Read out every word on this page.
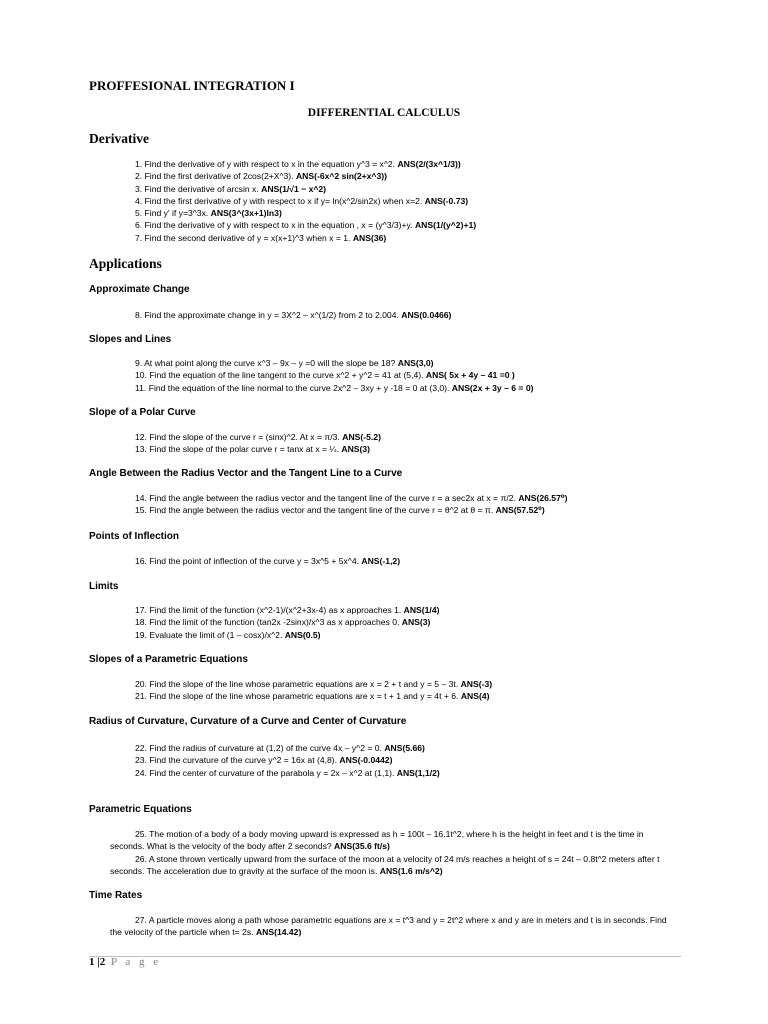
PROFFESIONAL INTEGRATION I
DIFFERENTIAL CALCULUS
Derivative
1. Find the derivative of y with respect to x in the equation y^3 = x^2. ANS(2/(3x^1/3))
2. Find the first derivative of 2cos(2+X^3). ANS(-6x^2 sin(2+x^3))
3. Find the derivative of arcsin x. ANS(1/√1 − x^2)
4. Find the first derivative of y with respect to x if y= ln(x^2/sin2x) when x=2. ANS(-0.73)
5. Find y' if y=3^3x. ANS(3^(3x+1)ln3)
6. Find the derivative of y with respect to x in the equation , x = (y^3/3)+y. ANS(1/(y^2)+1)
7. Find the second derivative of y = x(x+1)^3 when x = 1. ANS(36)
Applications
Approximate Change
8. Find the approximate change in y = 3X^2 – x^(1/2) from 2 to 2.004. ANS(0.0466)
Slopes and Lines
9. At what point along the curve x^3 – 9x – y =0 will the slope be 18? ANS(3,0)
10. Find the equation of the line tangent to the curve x^2 + y^2 = 41 at (5,4). ANS( 5x + 4y – 41 =0 )
11. Find the equation of the line normal to the curve 2x^2 – 3xy + y -18 = 0 at (3,0). ANS(2x + 3y – 6 = 0)
Slope of a Polar Curve
12. Find the slope of the curve r = (sinx)^2. At x = π/3. ANS(-5.2)
13. Find the slope of the polar curve r = tanx at x = ¼. ANS(3)
Angle Between the Radius Vector and the Tangent Line to a Curve
14. Find the angle between the radius vector and the tangent line of the curve r = a sec2x at x = π/2. ANS(26.57⁰)
15. Find the angle between the radius vector and the tangent line of the curve r = θ^2 at θ = π. ANS(57.52⁰)
Points of Inflection
16. Find the point of inflection of the curve y = 3x^5 + 5x^4. ANS(-1,2)
Limits
17. Find the limit of the function (x^2-1)/(x^2+3x-4) as x approaches 1. ANS(1/4)
18. Find the limit of the function (tan2x -2sinx)/x^3 as x approaches 0. ANS(3)
19. Evaluate the limit of (1 – cosx)/x^2. ANS(0.5)
Slopes of a Parametric Equations
20. Find the slope of the line whose parametric equations are x = 2 + t and y = 5 – 3t. ANS(-3)
21. Find the slope of the line whose parametric equations are x = t + 1 and y = 4t + 6. ANS(4)
Radius of Curvature, Curvature of a Curve and Center of Curvature
22. Find the radius of curvature at (1,2) of the curve 4x – y^2 = 0. ANS(5.66)
23. Find the curvature of the curve y^2 = 16x at (4,8). ANS(-0.0442)
24. Find the center of curvature of the parabola y = 2x – x^2 at (1,1). ANS(1,1/2)
Parametric Equations
25. The motion of a body of a body moving upward is expressed as h = 100t – 16.1t^2, where h is the height in feet and t is the time in seconds. What is the velocity of the body after 2 seconds? ANS(35.6 ft/s)
26. A stone thrown vertically upward from the surface of the moon at a velocity of 24 m/s reaches a height of s = 24t – 0.8t^2 meters after t seconds. The acceleration due to gravity at the surface of the moon is. ANS(1.6 m/s^2)
Time Rates
27. A particle moves along a path whose parametric equations are x = t^3 and y = 2t^2 where x and y are in meters and t is in seconds. Find the velocity of the particle when t= 2s. ANS(14.42)
1 |2 P a g e
